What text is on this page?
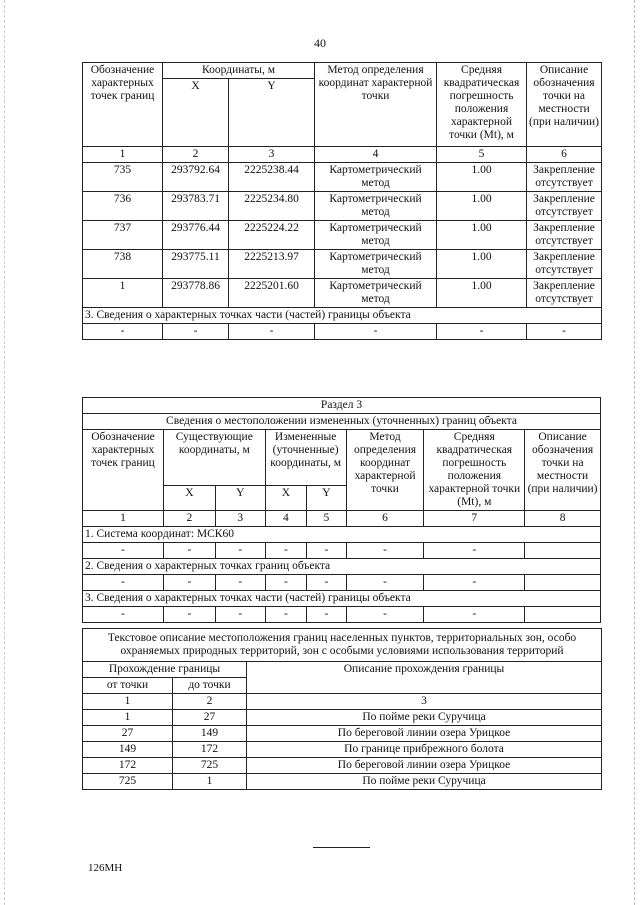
40
Обозначение характерных точек границ	Координаты, м		Метод определения координат характерной точки	Средняя квадратическая погрешность положения характерной точки (Mt), м	Описание обозначения точки на местности (при наличии)
	X	Y			
1	2	3	4	5	6
735	293792.64	2225238.44	Картометрический метод	1.00	Закрепление отсутствует
736	293783.71	2225234.80	Картометрический метод	1.00	Закрепление отсутствует
737	293776.44	2225224.22	Картометрический метод	1.00	Закрепление отсутствует
738	293775.11	2225213.97	Картометрический метод	1.00	Закрепление отсутствует
1	293778.86	2225201.60	Картометрический метод	1.00	Закрепление отсутствует
3. Сведения о характерных точках части (частей) границы объекта					
-	-	-	-	-	-
Раздел 3							
Сведения о местоположении измененных (уточненных) границ объекта							
Обозначение характерных точек границ	Существующие координаты, м		Измененные (уточненные) координаты, м		Метод определения координат характерной точки	Средняя квадратическая погрешность положения характерной точки (Mt), м	Описание обозначения точки на местности (при наличии)
	X	Y	X	Y			
1	2	3	4	5	6	7	8
1. Система координат: МСК60							
-	-	-	-	-	-	-	
2. Сведения о характерных точках границ объекта							
-	-	-	-	-	-	-	
3. Сведения о характерных точках части (частей) границы объекта							
-	-	-	-	-	-	-	
Текстовое описание местоположения границ населенных пунктов, территориальных зон, особо охраняемых природных территорий, зон с особыми условиями использования территорий		
Прохождение границы		Описание прохождения границы
от точки	до точки	
1	2	3
1	27	По пойме реки Суручица
27	149	По береговой линии озера Урицкое
149	172	По границе прибрежного болота
172	725	По береговой линии озера Урицкое
725	1	По пойме реки Суручица
126МН
